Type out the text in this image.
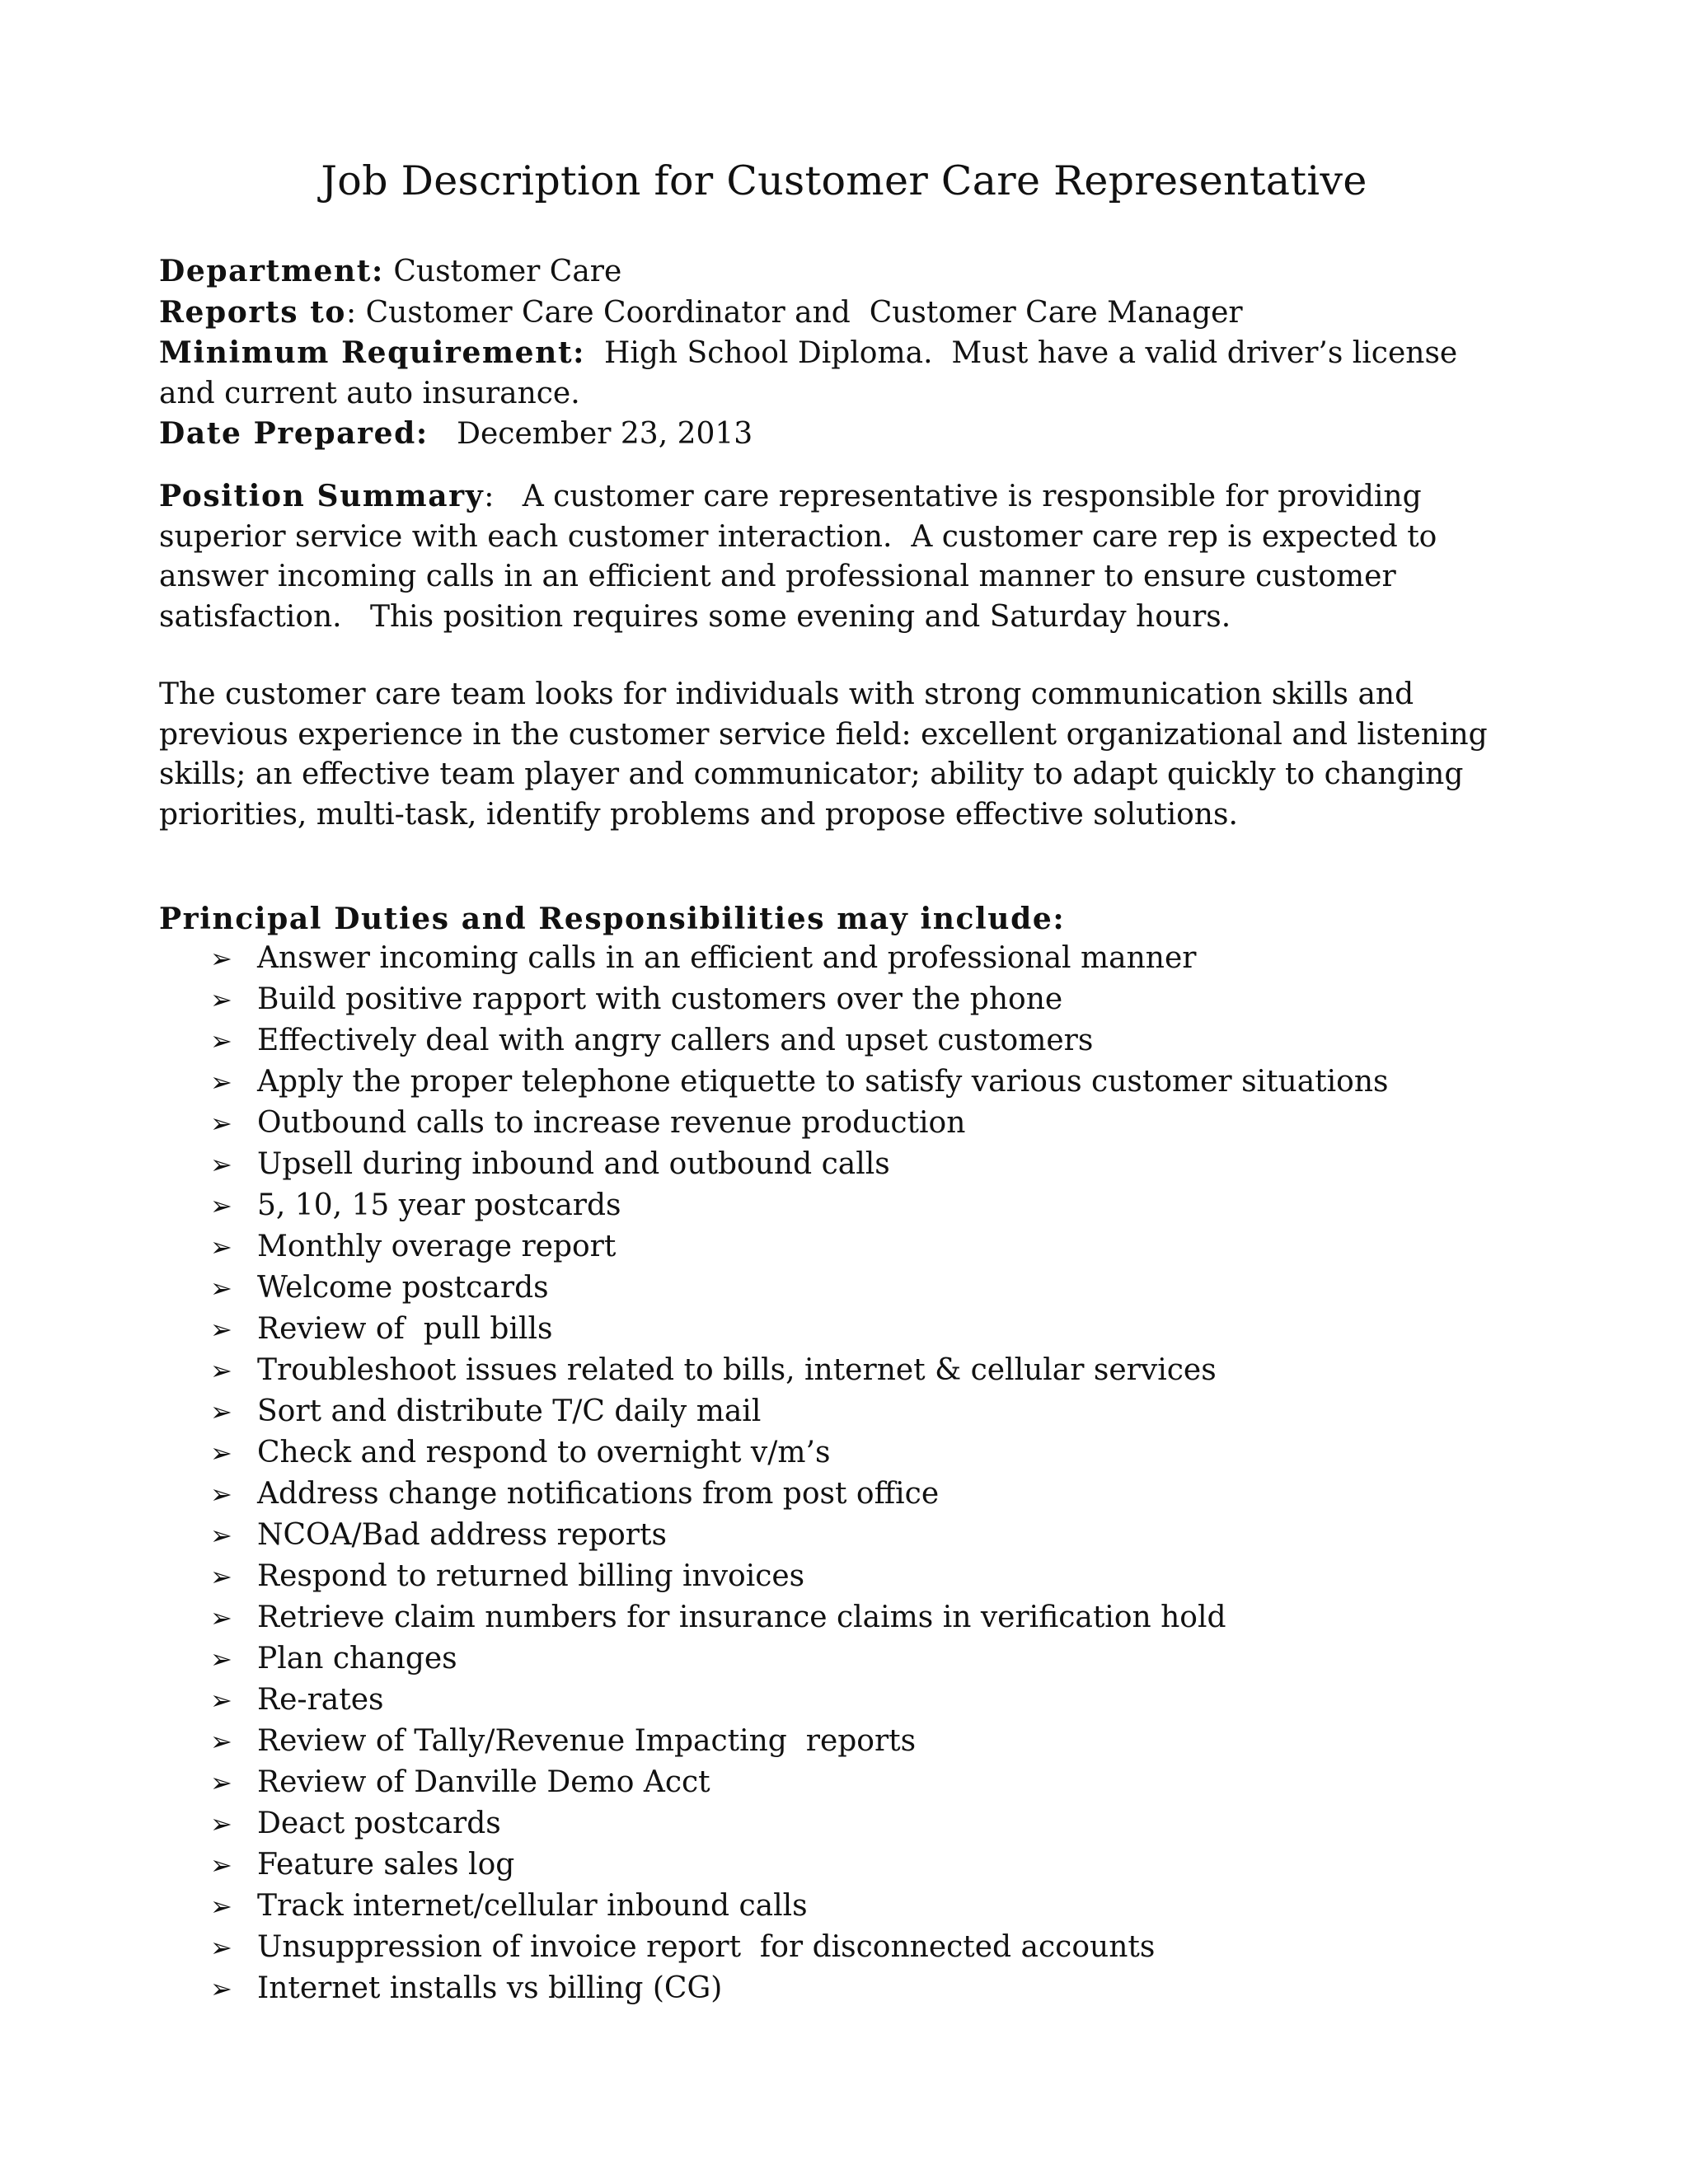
Job Description for Customer Care Representative
Department: Customer Care
Reports to: Customer Care Coordinator and  Customer Care Manager
Minimum Requirement:  High School Diploma.  Must have a valid driver’s license
and current auto insurance.
Date Prepared:   December 23, 2013
Position Summary:   A customer care representative is responsible for providing
superior service with each customer interaction.  A customer care rep is expected to
answer incoming calls in an efficient and professional manner to ensure customer
satisfaction.   This position requires some evening and Saturday hours.
The customer care team looks for individuals with strong communication skills and
previous experience in the customer service field: excellent organizational and listening
skills; an effective team player and communicator; ability to adapt quickly to changing
priorities, multi-task, identify problems and propose effective solutions.
Principal Duties and Responsibilities may include:
➢ Answer incoming calls in an efficient and professional manner
➢ Build positive rapport with customers over the phone
➢ Effectively deal with angry callers and upset customers
➢ Apply the proper telephone etiquette to satisfy various customer situations
➢ Outbound calls to increase revenue production
➢ Upsell during inbound and outbound calls
➢ 5, 10, 15 year postcards
➢ Monthly overage report
➢ Welcome postcards
➢ Review of  pull bills
➢ Troubleshoot issues related to bills, internet & cellular services
➢ Sort and distribute T/C daily mail
➢ Check and respond to overnight v/m’s
➢ Address change notifications from post office
➢ NCOA/Bad address reports
➢ Respond to returned billing invoices
➢ Retrieve claim numbers for insurance claims in verification hold
➢ Plan changes
➢ Re-rates
➢ Review of Tally/Revenue Impacting  reports
➢ Review of Danville Demo Acct
➢ Deact postcards
➢ Feature sales log
➢ Track internet/cellular inbound calls
➢ Unsuppression of invoice report  for disconnected accounts
➢ Internet installs vs billing (CG)
